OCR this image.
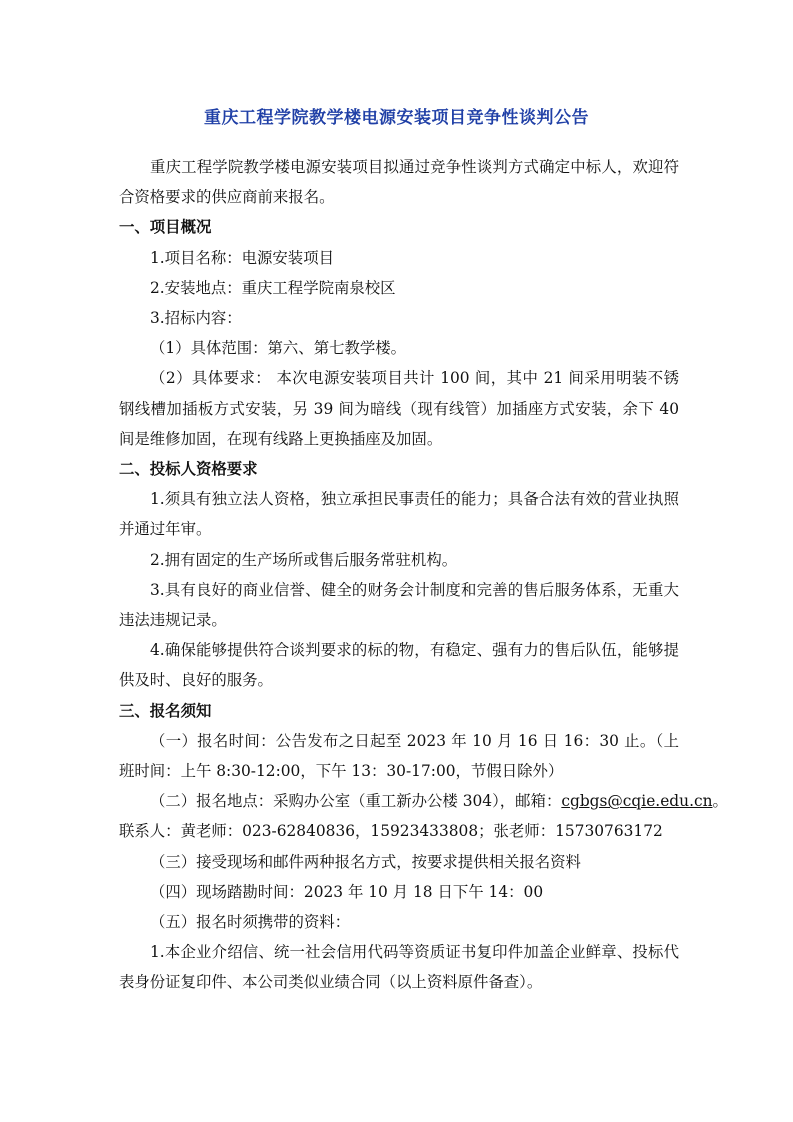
重庆工程学院教学楼电源安装项目竞争性谈判公告

重庆工程学院教学楼电源安装项目拟通过竞争性谈判方式确定中标人，欢迎符合资格要求的供应商前来报名。

一、项目概况

1.项目名称：电源安装项目

2.安装地点：重庆工程学院南泉校区

3.招标内容：

（1）具体范围：第六、第七教学楼。

（2）具体要求： 本次电源安装项目共计 100 间，其中 21 间采用明装不锈钢线槽加插板方式安装，另 39 间为暗线（现有线管）加插座方式安装，余下 40 间是维修加固，在现有线路上更换插座及加固。

二、投标人资格要求

1.须具有独立法人资格，独立承担民事责任的能力；具备合法有效的营业执照并通过年审。

2.拥有固定的生产场所或售后服务常驻机构。

3.具有良好的商业信誉、健全的财务会计制度和完善的售后服务体系，无重大违法违规记录。

4.确保能够提供符合谈判要求的标的物，有稳定、强有力的售后队伍，能够提供及时、良好的服务。

三、报名须知

（一）报名时间：公告发布之日起至 2023 年 10 月 16 日 16：30 止。（上班时间：上午 8:30-12:00，下午 13：30-17:00，节假日除外）

（二）报名地点：采购办公室（重工新办公楼 304），邮箱：cgbgs@cqie.edu.cn。

联系人：黄老师：023-62840836，15923433808；张老师：15730763172

（三）接受现场和邮件两种报名方式，按要求提供相关报名资料

（四）现场踏勘时间：2023 年 10 月 18 日下午 14：00

（五）报名时须携带的资料：

1.本企业介绍信、统一社会信用代码等资质证书复印件加盖企业鲜章、投标代表身份证复印件、本公司类似业绩合同（以上资料原件备查）。
